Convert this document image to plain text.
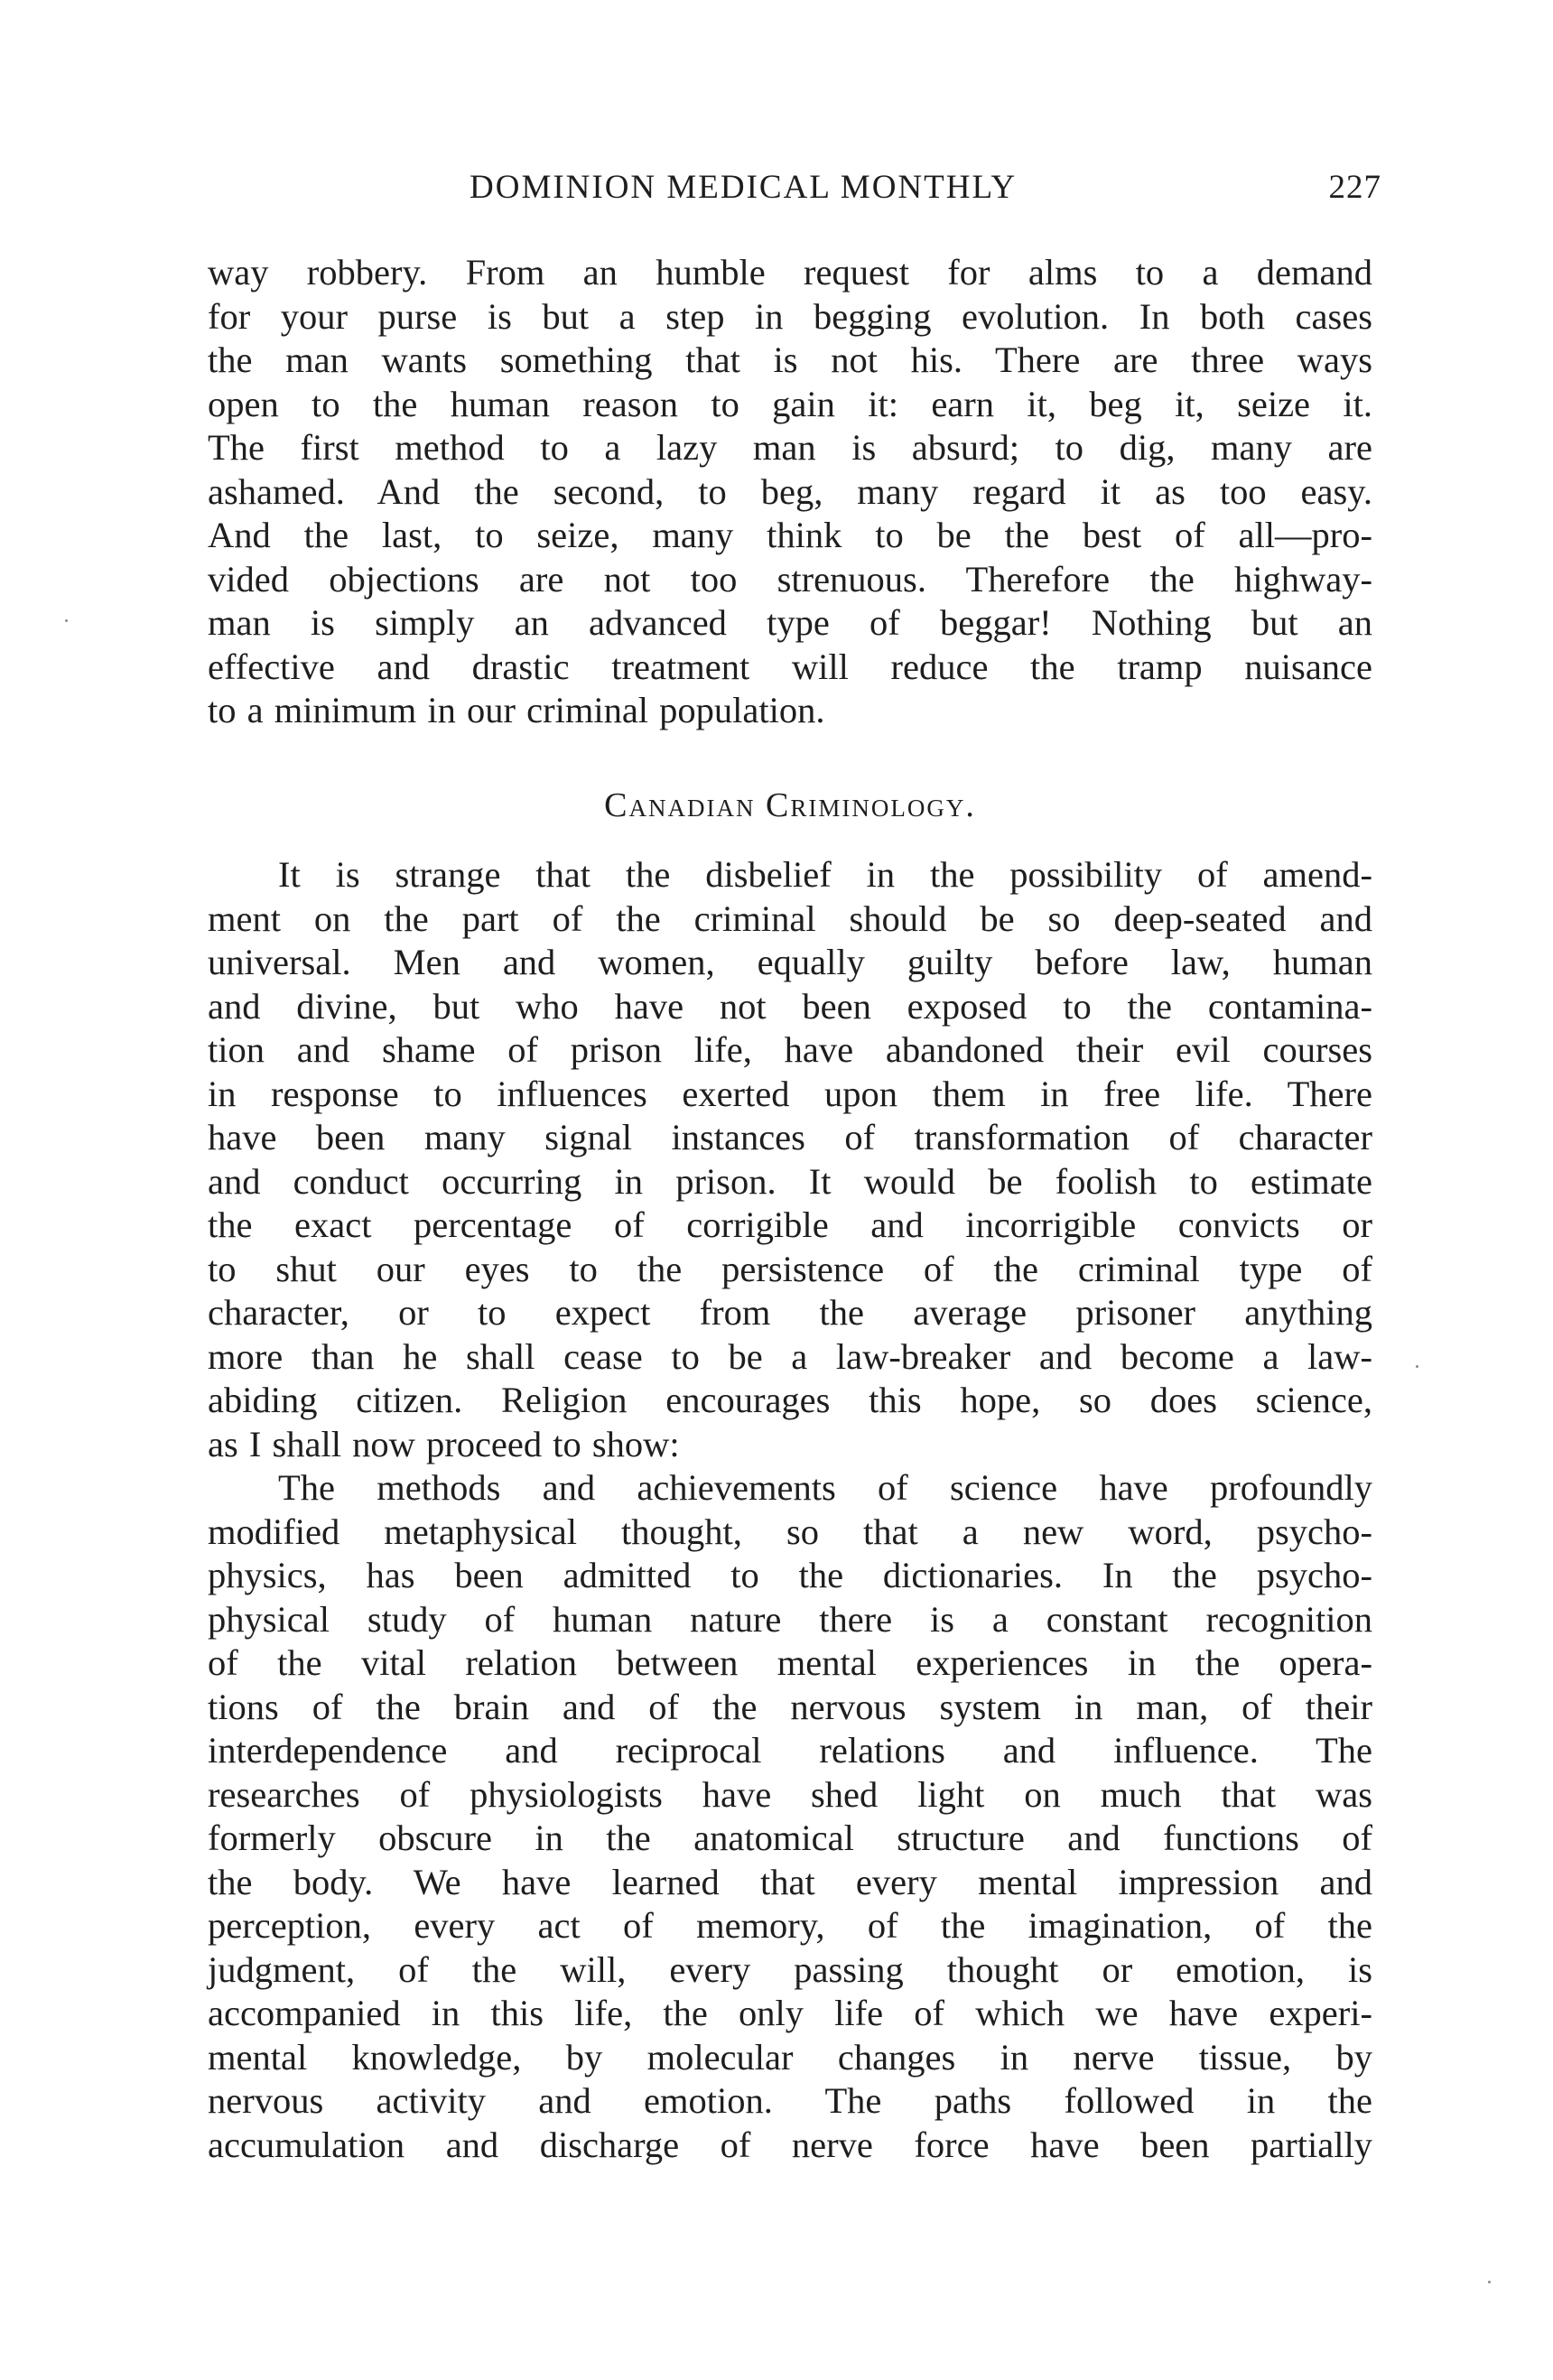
DOMINION MEDICAL MONTHLY	227
way robbery. From an humble request for alms to a demand
for your purse is but a step in begging evolution. In both cases
the man wants something that is not his. There are three ways
open to the human reason to gain it: earn it, beg it, seize it.
The first method to a lazy man is absurd; to dig, many are
ashamed. And the second, to beg, many regard it as too easy.
And the last, to seize, many think to be the best of all—pro-
vided objections are not too strenuous. Therefore the highway-
man is simply an advanced type of beggar! Nothing but an
effective and drastic treatment will reduce the tramp nuisance
to a minimum in our criminal population.
Canadian Criminology.
It is strange that the disbelief in the possibility of amend-
ment on the part of the criminal should be so deep-seated and
universal. Men and women, equally guilty before law, human
and divine, but who have not been exposed to the contamina-
tion and shame of prison life, have abandoned their evil courses
in response to influences exerted upon them in free life. There
have been many signal instances of transformation of character
and conduct occurring in prison. It would be foolish to estimate
the exact percentage of corrigible and incorrigible convicts or
to shut our eyes to the persistence of the criminal type of
character, or to expect from the average prisoner anything
more than he shall cease to be a law-breaker and become a law-
abiding citizen. Religion encourages this hope, so does science,
as I shall now proceed to show:
The methods and achievements of science have profoundly
modified metaphysical thought, so that a new word, psycho-
physics, has been admitted to the dictionaries. In the psycho-
physical study of human nature there is a constant recognition
of the vital relation between mental experiences in the opera-
tions of the brain and of the nervous system in man, of their
interdependence and reciprocal relations and influence. The
researches of physiologists have shed light on much that was
formerly obscure in the anatomical structure and functions of
the body. We have learned that every mental impression and
perception, every act of memory, of the imagination, of the
judgment, of the will, every passing thought or emotion, is
accompanied in this life, the only life of which we have experi-
mental knowledge, by molecular changes in nerve tissue, by
nervous activity and emotion. The paths followed in the
accumulation and discharge of nerve force have been partially
